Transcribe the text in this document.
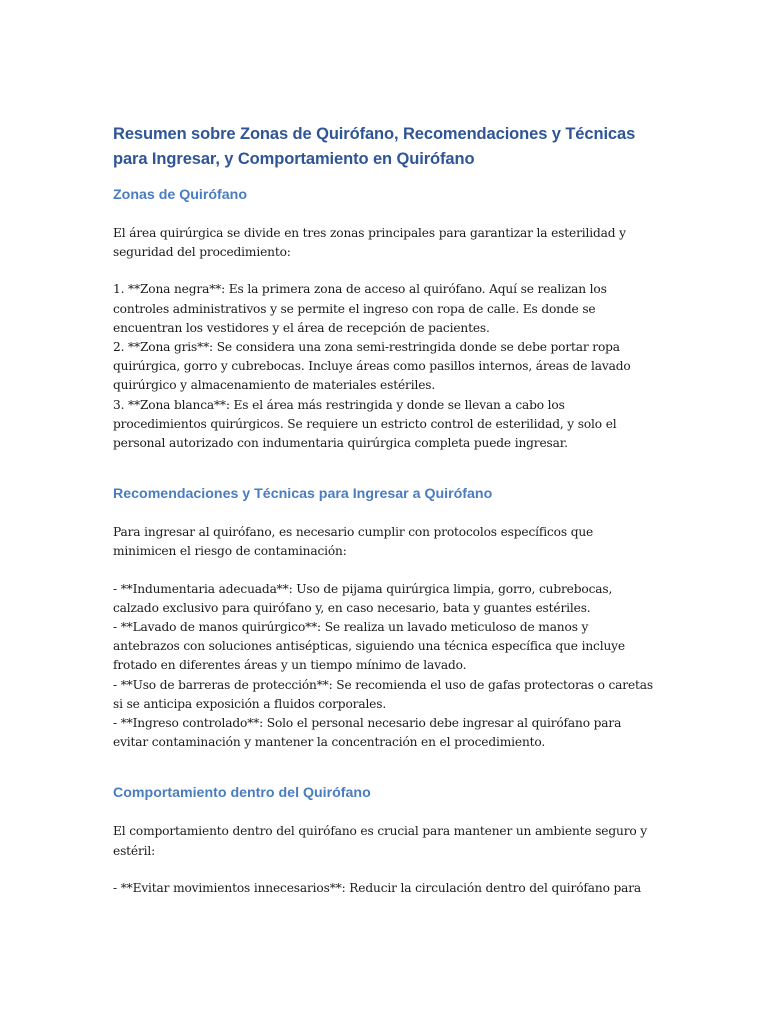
Resumen sobre Zonas de Quirófano, Recomendaciones y Técnicas para Ingresar, y Comportamiento en Quirófano
Zonas de Quirófano

El área quirúrgica se divide en tres zonas principales para garantizar la esterilidad y seguridad del procedimiento:

1. **Zona negra**: Es la primera zona de acceso al quirófano. Aquí se realizan los controles administrativos y se permite el ingreso con ropa de calle. Es donde se encuentran los vestidores y el área de recepción de pacientes.

2. **Zona gris**: Se considera una zona semi-restringida donde se debe portar ropa quirúrgica, gorro y cubrebocas. Incluye áreas como pasillos internos, áreas de lavado quirúrgico y almacenamiento de materiales estériles.

3. **Zona blanca**: Es el área más restringida y donde se llevan a cabo los procedimientos quirúrgicos. Se requiere un estricto control de esterilidad, y solo el personal autorizado con indumentaria quirúrgica completa puede ingresar.

Recomendaciones y Técnicas para Ingresar a Quirófano

Para ingresar al quirófano, es necesario cumplir con protocolos específicos que minimicen el riesgo de contaminación:

- **Indumentaria adecuada**: Uso de pijama quirúrgica limpia, gorro, cubrebocas, calzado exclusivo para quirófano y, en caso necesario, bata y guantes estériles.

- **Lavado de manos quirúrgico**: Se realiza un lavado meticuloso de manos y antebrazos con soluciones antisépticas, siguiendo una técnica específica que incluye frotado en diferentes áreas y un tiempo mínimo de lavado.

- **Uso de barreras de protección**: Se recomienda el uso de gafas protectoras o caretas si se anticipa exposición a fluidos corporales.

- **Ingreso controlado**: Solo el personal necesario debe ingresar al quirófano para evitar contaminación y mantener la concentración en el procedimiento.

Comportamiento dentro del Quirófano

El comportamiento dentro del quirófano es crucial para mantener un ambiente seguro y estéril:

- **Evitar movimientos innecesarios**: Reducir la circulación dentro del quirófano para
